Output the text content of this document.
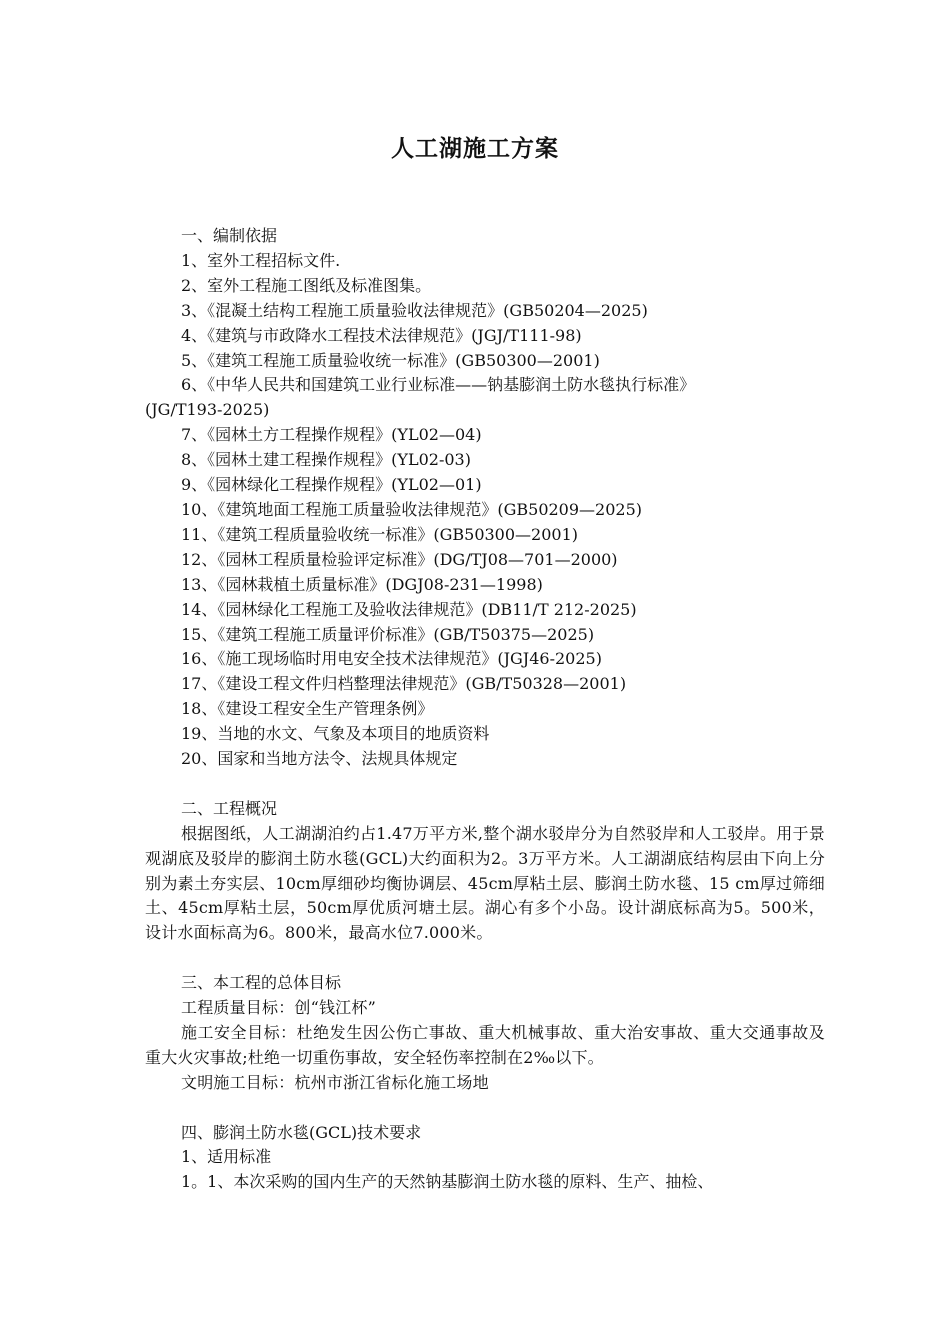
人工湖施工方案

一、编制依据

1、室外工程招标文件.

2、室外工程施工图纸及标准图集。

3、《混凝土结构工程施工质量验收法律规范》(GB50204—2025)

4、《建筑与市政降水工程技术法律规范》(JGJ/T111-98)

5、《建筑工程施工质量验收统一标准》(GB50300—2001)

6、《中华人民共和国建筑工业行业标准——钠基膨润土防水毯执行标准》

(JG/T193-2025)

7、《园林土方工程操作规程》(YL02—04)

8、《园林土建工程操作规程》(YL02-03)

9、《园林绿化工程操作规程》(YL02—01)

10、《建筑地面工程施工质量验收法律规范》(GB50209—2025)

11、《建筑工程质量验收统一标准》(GB50300—2001)

12、《园林工程质量检验评定标准》(DG/TJ08—701—2000)

13、《园林栽植土质量标准》(DGJ08-231—1998)

14、《园林绿化工程施工及验收法律规范》(DB11/T 212-2025)

15、《建筑工程施工质量评价标准》(GB/T50375—2025)

16、《施工现场临时用电安全技术法律规范》(JGJ46-2025)

17、《建设工程文件归档整理法律规范》(GB/T50328—2001)

18、《建设工程安全生产管理条例》

19、当地的水文、气象及本项目的地质资料

20、国家和当地方法令、法规具体规定

二、工程概况

根据图纸，人工湖湖泊约占1.47万平方米,整个湖水驳岸分为自然驳岸和人工驳岸。用于景观湖底及驳岸的膨润土防水毯(GCL)大约面积为2。3万平方米。人工湖湖底结构层由下向上分别为素土夯实层、10cm厚细砂均衡协调层、45cm厚粘土层、膨润土防水毯、15 cm厚过筛细土、45cm厚粘土层，50cm厚优质河塘土层。湖心有多个小岛。设计湖底标高为5。500米，设计水面标高为6。800米，最高水位7.000米。

三、本工程的总体目标

工程质量目标：创“钱江杯”

施工安全目标：杜绝发生因公伤亡事故、重大机械事故、重大治安事故、重大交通事故及重大火灾事故;杜绝一切重伤事故，安全轻伤率控制在2‰以下。

文明施工目标：杭州市浙江省标化施工场地

四、膨润土防水毯(GCL)技术要求

1、适用标准

1。1、本次采购的国内生产的天然钠基膨润土防水毯的原料、生产、抽检、
